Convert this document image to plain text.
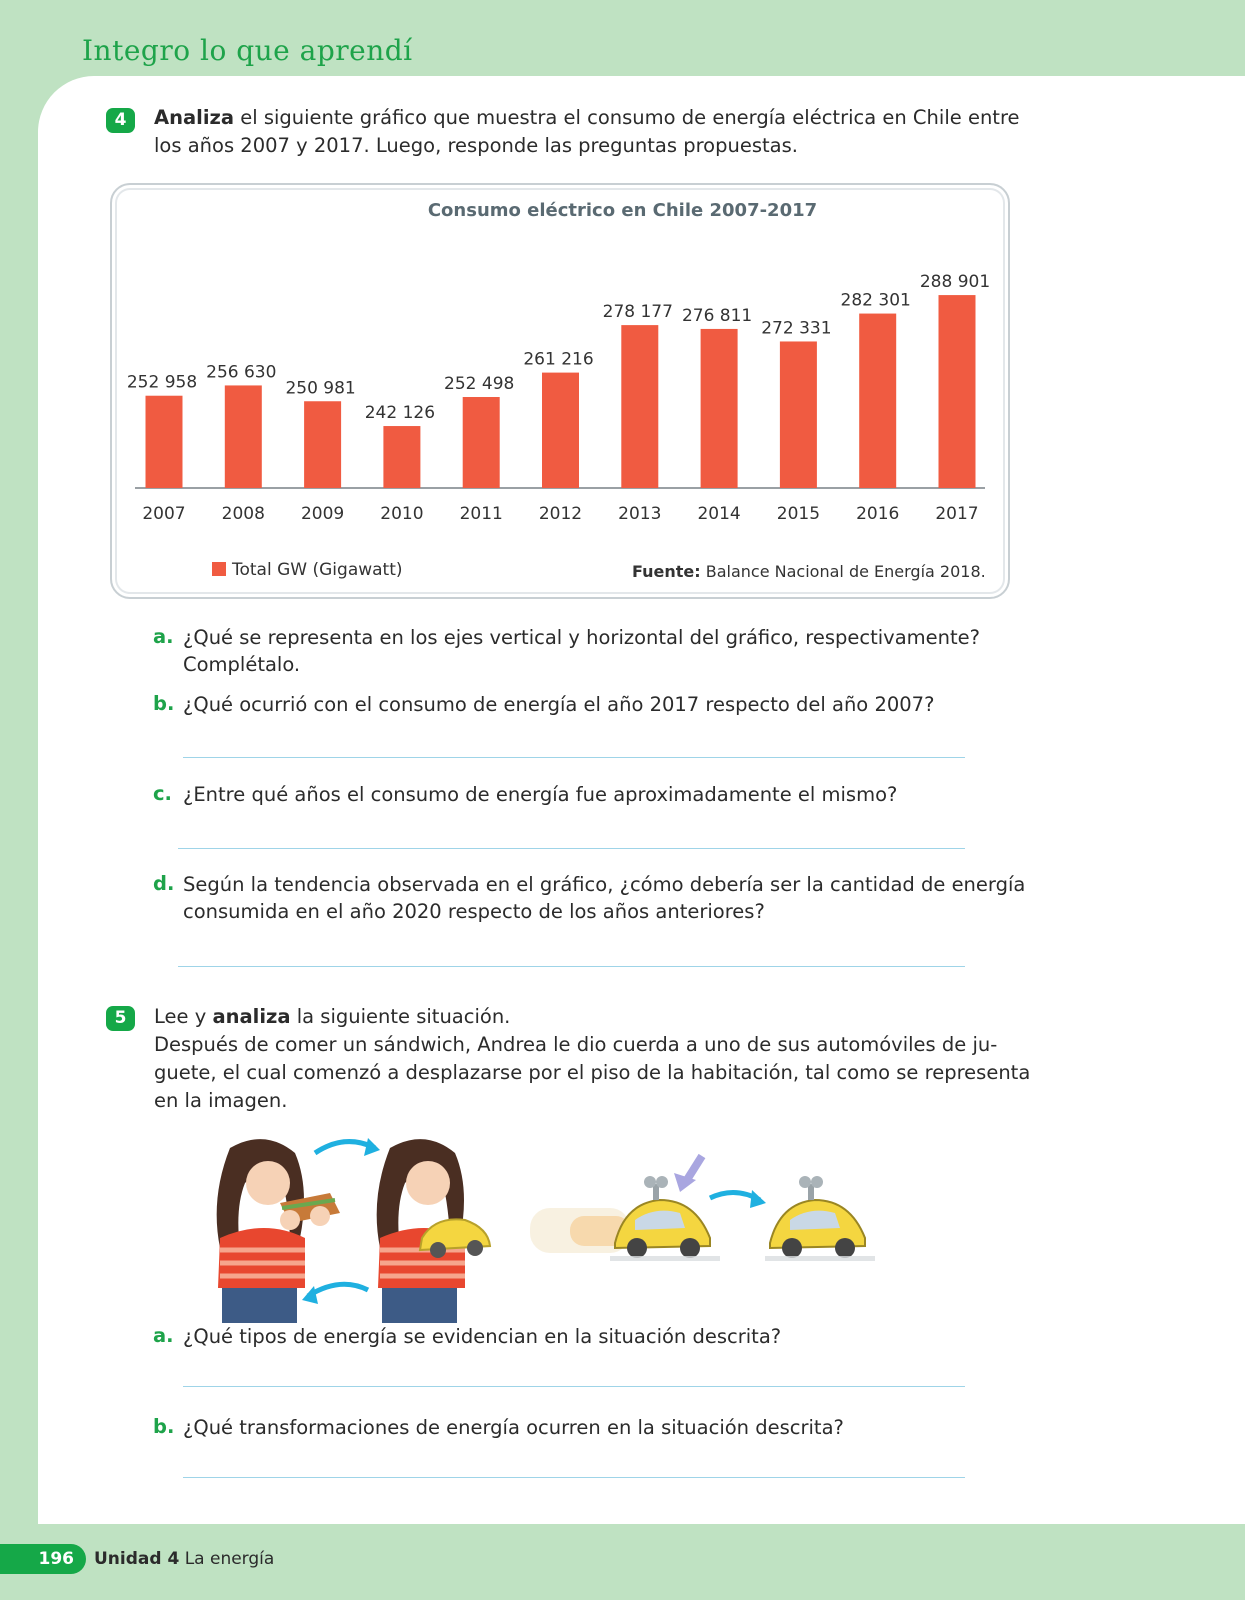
Integro lo que aprendí
4	Analiza el siguiente gráfico que muestra el consumo de energía eléctrica en Chile entre
los años 2007 y 2017. Luego, responde las preguntas propuestas.
Consumo eléctrico en Chile 2007-2017
252 958
2007
256 630
2008
250 981
2009
242 126
2010
252 498
2011
261 216
2012
278 177
2013
276 811
2014
272 331
2015
282 301
2016
288 901
2017
Total GW (Gigawatt)	Fuente: Balance Nacional de Energía 2018.
a. ¿Qué se representa en los ejes vertical y horizontal del gráfico, respectivamente?
Complétalo.
b. ¿Qué ocurrió con el consumo de energía el año 2017 respecto del año 2007?
c. ¿Entre qué años el consumo de energía fue aproximadamente el mismo?
d. Según la tendencia observada en el gráfico, ¿cómo debería ser la cantidad de energía
consumida en el año 2020 respecto de los años anteriores?
5	Lee y analiza la siguiente situación.
Después de comer un sándwich, Andrea le dio cuerda a uno de sus automóviles de ju-
guete, el cual comenzó a desplazarse por el piso de la habitación, tal como se representa
en la imagen.
a. ¿Qué tipos de energía se evidencian en la situación descrita?
b. ¿Qué transformaciones de energía ocurren en la situación descrita?
196	Unidad 4 La energía
